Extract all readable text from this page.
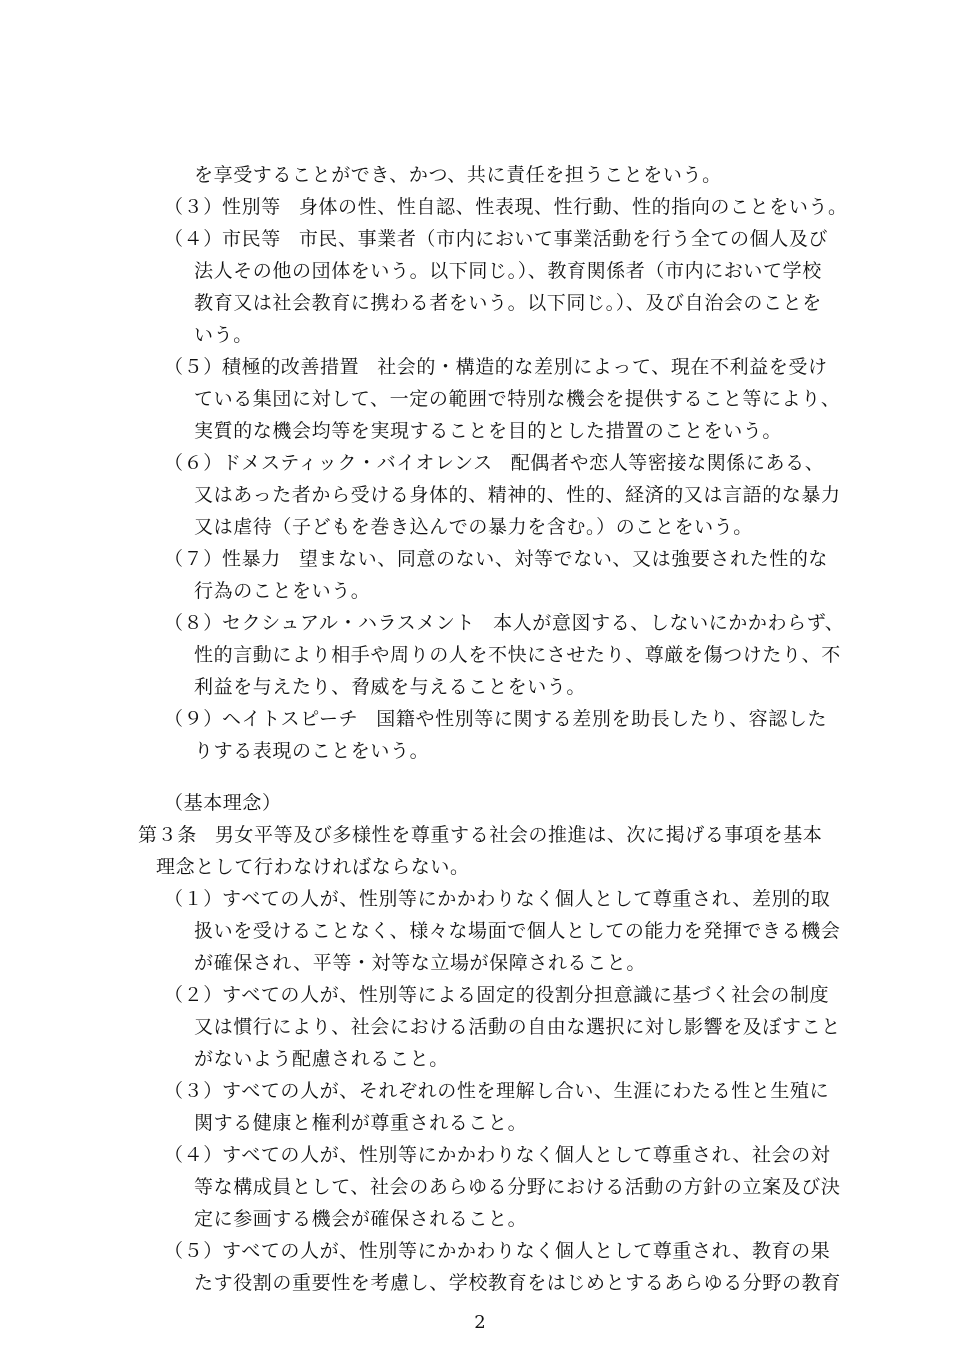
を享受することができ、かつ、共に責任を担うことをいう。
（３）性別等 身体の性、性自認、性表現、性行動、性的指向のことをいう。
（４）市民等 市民、事業者（市内において事業活動を行う全ての個人及び
法人その他の団体をいう。以下同じ。）、教育関係者（市内において学校
教育又は社会教育に携わる者をいう。以下同じ。）、及び自治会のことを
いう。
（５）積極的改善措置 社会的・構造的な差別によって、現在不利益を受け
ている集団に対して、一定の範囲で特別な機会を提供すること等により、
実質的な機会均等を実現することを目的とした措置のことをいう。
（６）ドメスティック・バイオレンス 配偶者や恋人等密接な関係にある、
又はあった者から受ける身体的、精神的、性的、経済的又は言語的な暴力
又は虐待（子どもを巻き込んでの暴力を含む。）のことをいう。
（７）性暴力 望まない、同意のない、対等でない、又は強要された性的な
行為のことをいう。
（８）セクシュアル・ハラスメント 本人が意図する、しないにかかわらず、
性的言動により相手や周りの人を不快にさせたり、尊厳を傷つけたり、不
利益を与えたり、脅威を与えることをいう。
（９）ヘイトスピーチ 国籍や性別等に関する差別を助長したり、容認した
りする表現のことをいう。
（基本理念）
第３条 男女平等及び多様性を尊重する社会の推進は、次に掲げる事項を基本
理念として行わなければならない。
（１）すべての人が、性別等にかかわりなく個人として尊重され、差別的取
扱いを受けることなく、様々な場面で個人としての能力を発揮できる機会
が確保され、平等・対等な立場が保障されること。
（２）すべての人が、性別等による固定的役割分担意識に基づく社会の制度
又は慣行により、社会における活動の自由な選択に対し影響を及ぼすこと
がないよう配慮されること。
（３）すべての人が、それぞれの性を理解し合い、生涯にわたる性と生殖に
関する健康と権利が尊重されること。
（４）すべての人が、性別等にかかわりなく個人として尊重され、社会の対
等な構成員として、社会のあらゆる分野における活動の方針の立案及び決
定に参画する機会が確保されること。
（５）すべての人が、性別等にかかわりなく個人として尊重され、教育の果
たす役割の重要性を考慮し、学校教育をはじめとするあらゆる分野の教育
2
